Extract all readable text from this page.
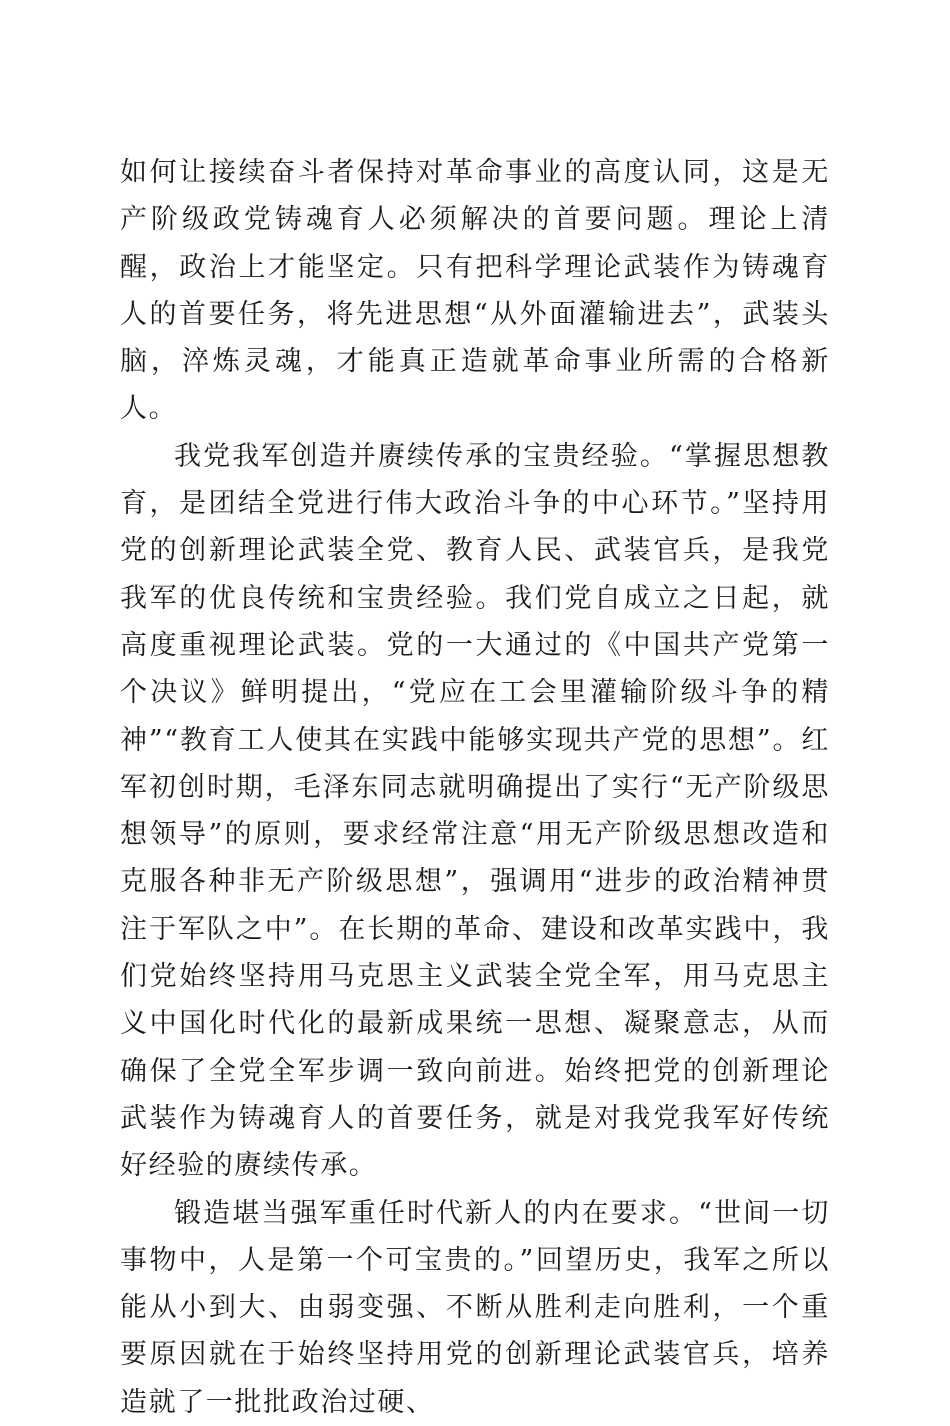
如何让接续奋斗者保持对革命事业的高度认同，这是无产阶级政党铸魂育人必须解决的首要问题。理论上清醒，政治上才能坚定。只有把科学理论武装作为铸魂育人的首要任务，将先进思想“从外面灌输进去”，武装头脑，淬炼灵魂，才能真正造就革命事业所需的合格新人。

我党我军创造并赓续传承的宝贵经验。“掌握思想教育，是团结全党进行伟大政治斗争的中心环节。”坚持用党的创新理论武装全党、教育人民、武装官兵，是我党我军的优良传统和宝贵经验。我们党自成立之日起，就高度重视理论武装。党的一大通过的《中国共产党第一个决议》鲜明提出，“党应在工会里灌输阶级斗争的精神”“教育工人使其在实践中能够实现共产党的思想”。红军初创时期，毛泽东同志就明确提出了实行“无产阶级思想领导”的原则，要求经常注意“用无产阶级思想改造和克服各种非无产阶级思想”，强调用“进步的政治精神贯注于军队之中”。在长期的革命、建设和改革实践中，我们党始终坚持用马克思主义武装全党全军，用马克思主义中国化时代化的最新成果统一思想、凝聚意志，从而确保了全党全军步调一致向前进。始终把党的创新理论武装作为铸魂育人的首要任务，就是对我党我军好传统好经验的赓续传承。

锻造堪当强军重任时代新人的内在要求。“世间一切事物中，人是第一个可宝贵的。”回望历史，我军之所以能从小到大、由弱变强、不断从胜利走向胜利，一个重要原因就在于始终坚持用党的创新理论武装官兵，培养造就了一批批政治过硬、
